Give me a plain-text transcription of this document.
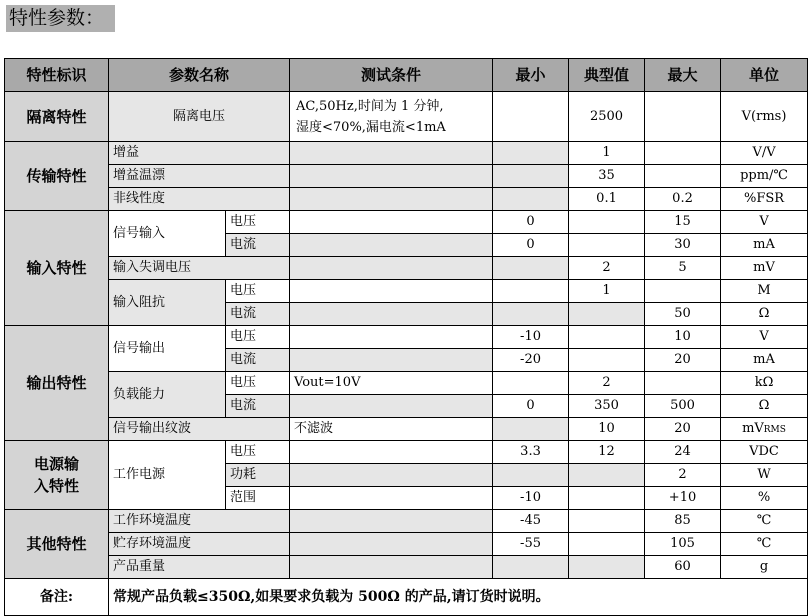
特性参数：
特性标识	参数名称		测试条件	最小	典型值	最大	单位
隔离特性	隔离电压		AC,50Hz,时间为 1 分钟,
湿度<70%,漏电流<1mA		2500		V(rms)
传输特性	增益				1		V/V
	增益温漂				35		ppm/℃
	非线性度				0.1	0.2	%FSR
输入特性	信号输入	电压		0		15	V
		电流		0		30	mA
	输入失调电压				2	5	mV
	输入阻抗	电压			1		M
		电流				50	Ω
输出特性	信号输出	电压		-10		10	V
		电流		-20		20	mA
	负载能力	电压	Vout=10V		2		kΩ
		电流		0	350	500	Ω
	信号输出纹波		不滤波		10	20	mVRMS

电源输
入特性	工作电源	电压		3.3	12	24	VDC
		功耗				2	W
		范围		-10		+10	%
其他特性	工作环境温度			-45		85	℃
	贮存环境温度			-55		105	℃
	产品重量					60	g
备注:	常规产品负载≤350Ω,如果要求负载为 500Ω 的产品,请订货时说明。						
